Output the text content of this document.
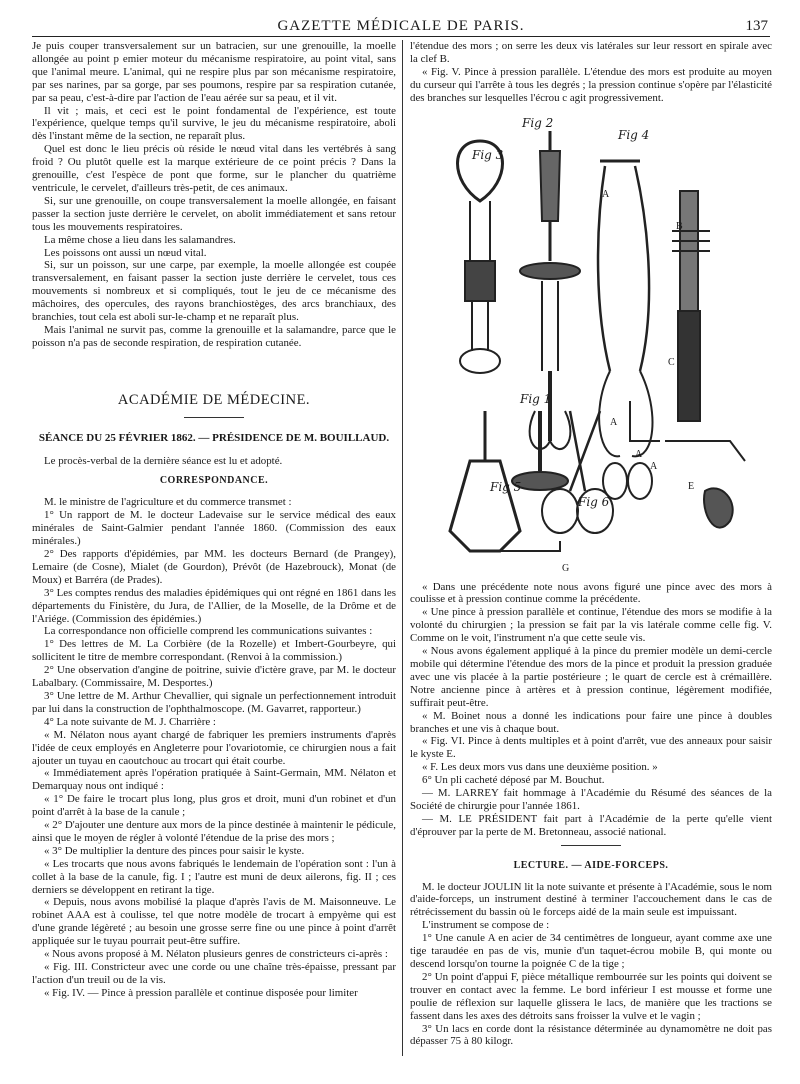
GAZETTE MÉDICALE DE PARIS.	137

Je puis couper transversalement sur un batracien, sur une grenouille, la moelle allongée au point p emier moteur du mécanisme respiratoire, au point vital, sans que l'animal meure. L'animal, qui ne respire plus par son mécanisme respiratoire, par ses narines, par sa gorge, par ses poumons, respire par sa respiration cutanée, par sa peau, c'est-à-dire par l'action de l'eau aérée sur sa peau, et il vit.

Il vit ; mais, et ceci est le point fondamental de l'expérience, est toute l'expérience, quelque temps qu'il survive, le jeu du mécanisme respiratoire, aboli dès l'instant même de la section, ne reparaît plus.

Quel est donc le lieu précis où réside le nœud vital dans les vertébrés à sang froid ? Ou plutôt quelle est la marque extérieure de ce point précis ? Dans la grenouille, c'est l'espèce de pont que forme, sur le plancher du quatrième ventricule, le cervelet, d'ailleurs très-petit, de ces animaux.

Si, sur une grenouille, on coupe transversalement la moelle allongée, en faisant passer la section juste derrière le cervelet, on abolit immédiatement et sans retour tous les mouvements respiratoires.

La même chose a lieu dans les salamandres.

Les poissons ont aussi un nœud vital.

Si, sur un poisson, sur une carpe, par exemple, la moelle allongée est coupée transversalement, en faisant passer la section juste derrière le cervelet, tous ces mouvements si nombreux et si compliqués, tout le jeu de ce mécanisme des mâchoires, des opercules, des rayons branchiostèges, des arcs branchiaux, des branchies, tout cela est aboli sur-le-champ et ne reparaît plus.

Mais l'animal ne survit pas, comme la grenouille et la salamandre, parce que le poisson n'a pas de seconde respiration, de respiration cutanée.

ACADÉMIE DE MÉDECINE.
SÉANCE DU 25 FÉVRIER 1862. — PRÉSIDENCE DE M. BOUILLAUD.

Le procès-verbal de la dernière séance est lu et adopté.

CORRESPONDANCE.

M. le ministre de l'agriculture et du commerce transmet :

1° Un rapport de M. le docteur Ladevaise sur le service médical des eaux minérales de Saint-Galmier pendant l'année 1860. (Commission des eaux minérales.)

2° Des rapports d'épidémies, par MM. les docteurs Bernard (de Prangey), Lemaire (de Cosne), Mialet (de Gourdon), Prévôt (de Hazebrouck), Monat (de Moux) et Barréra (de Prades).

3° Les comptes rendus des maladies épidémiques qui ont régné en 1861 dans les départements du Finistère, du Jura, de l'Allier, de la Moselle, de la Drôme et de l'Ariége. (Commission des épidémies.)

La correspondance non officielle comprend les communications suivantes :

1° Des lettres de M. La Corbière (de la Rozelle) et Imbert-Gourbeyre, qui sollicitent le titre de membre correspondant. (Renvoi à la commission.)

2° Une observation d'angine de poitrine, suivie d'ictère grave, par M. le docteur Labalbary. (Commissaire, M. Desportes.)

3° Une lettre de M. Arthur Chevallier, qui signale un perfectionnement introduit par lui dans la construction de l'ophthalmoscope. (M. Gavarret, rapporteur.)

4° La note suivante de M. J. Charrière :

« M. Nélaton nous ayant chargé de fabriquer les premiers instruments d'après l'idée de ceux employés en Angleterre pour l'ovariotomie, ce chirurgien nous a fait ajouter un tuyau en caoutchouc au trocart qui était courbe.

« Immédiatement après l'opération pratiquée à Saint-Germain, MM. Nélaton et Demarquay nous ont indiqué :

« 1° De faire le trocart plus long, plus gros et droit, muni d'un robinet et d'un point d'arrêt à la base de la canule ;

« 2° D'ajouter une denture aux mors de la pince destinée à maintenir le pédicule, ainsi que le moyen de régler à volonté l'étendue de la prise des mors ;

« 3° De multiplier la denture des pinces pour saisir le kyste.

« Les trocarts que nous avons fabriqués le lendemain de l'opération sont : l'un à collet à la base de la canule, fig. I ; l'autre est muni de deux ailerons, fig. II ; ces derniers se développent en retirant la tige.

« Depuis, nous avons mobilisé la plaque d'après l'avis de M. Maisonneuve. Le robinet AAA est à coulisse, tel que notre modèle de trocart à empyème qui est d'une grande légèreté ; au besoin une grosse serre fine ou une pince à point d'arrêt appliquée sur le tuyau pourrait peut-être suffire.

« Nous avons proposé à M. Nélaton plusieurs genres de constricteurs ci-après :

« Fig. III. Constricteur avec une corde ou une chaîne très-épaisse, pressant par l'action d'un treuil ou de la vis.

« Fig. IV. — Pince à pression parallèle et continue disposée pour limiter

l'étendue des mors ; on serre les deux vis latérales sur leur ressort en spirale avec la clef B.

« Fig. V. Pince à pression parallèle. L'étendue des mors est produite au moyen du curseur qui l'arrête à tous les degrés ; la pression continue s'opère par l'élasticité des branches sur lesquelles l'écrou c agit progressivement.

Fig 2
Fig 3
Fig 4
Fig 1
Fig 5
Fig 6
A
B
C
A
A
A
E
G

« Dans une précédente note nous avons figuré une pince avec des mors à coulisse et à pression continue comme la précédente.

« Une pince à pression parallèle et continue, l'étendue des mors se modifie à la volonté du chirurgien ; la pression se fait par la vis latérale comme celle fig. V. Comme on le voit, l'instrument n'a que cette seule vis.

« Nous avons également appliqué à la pince du premier modèle un demi-cercle mobile qui détermine l'étendue des mors de la pince et produit la pression graduée avec une vis placée à la partie postérieure ; le quart de cercle est à crémaillère. Notre ancienne pince à artères et à pression continue, légèrement modifiée, suffirait peut-être.

« M. Boinet nous a donné les indications pour faire une pince à doubles branches et une vis à chaque bout.

« Fig. VI. Pince à dents multiples et à point d'arrêt, vue des anneaux pour saisir le kyste E.

« F. Les deux mors vus dans une deuxième position. »

6° Un pli cacheté déposé par M. Bouchut.

— M. LARREY fait hommage à l'Académie du Résumé des séances de la Société de chirurgie pour l'année 1861.

— M. LE PRÉSIDENT fait part à l'Académie de la perte qu'elle vient d'éprouver par la perte de M. Bretonneau, associé national.

LECTURE. — AIDE-FORCEPS.

M. le docteur JOULIN lit la note suivante et présente à l'Académie, sous le nom d'aide-forceps, un instrument destiné à terminer l'accouchement dans le cas de rétrécissement du bassin où le forceps aidé de la main seule est impuissant.

L'instrument se compose de :

1° Une canule A en acier de 34 centimètres de longueur, ayant comme axe une tige taraudée en pas de vis, munie d'un taquet-écrou mobile B, qui monte ou descend lorsqu'on tourne la poignée C de la tige ;

2° Un point d'appui F, pièce métallique rembourrée sur les points qui doivent se trouver en contact avec la femme. Le bord inférieur I est mousse et forme une poulie de réflexion sur laquelle glissera le lacs, de manière que les tractions se fassent dans les axes des détroits sans froisser la vulve et le vagin ;

3° Un lacs en corde dont la résistance déterminée au dynamomètre ne doit pas dépasser 75 à 80 kilogr.
